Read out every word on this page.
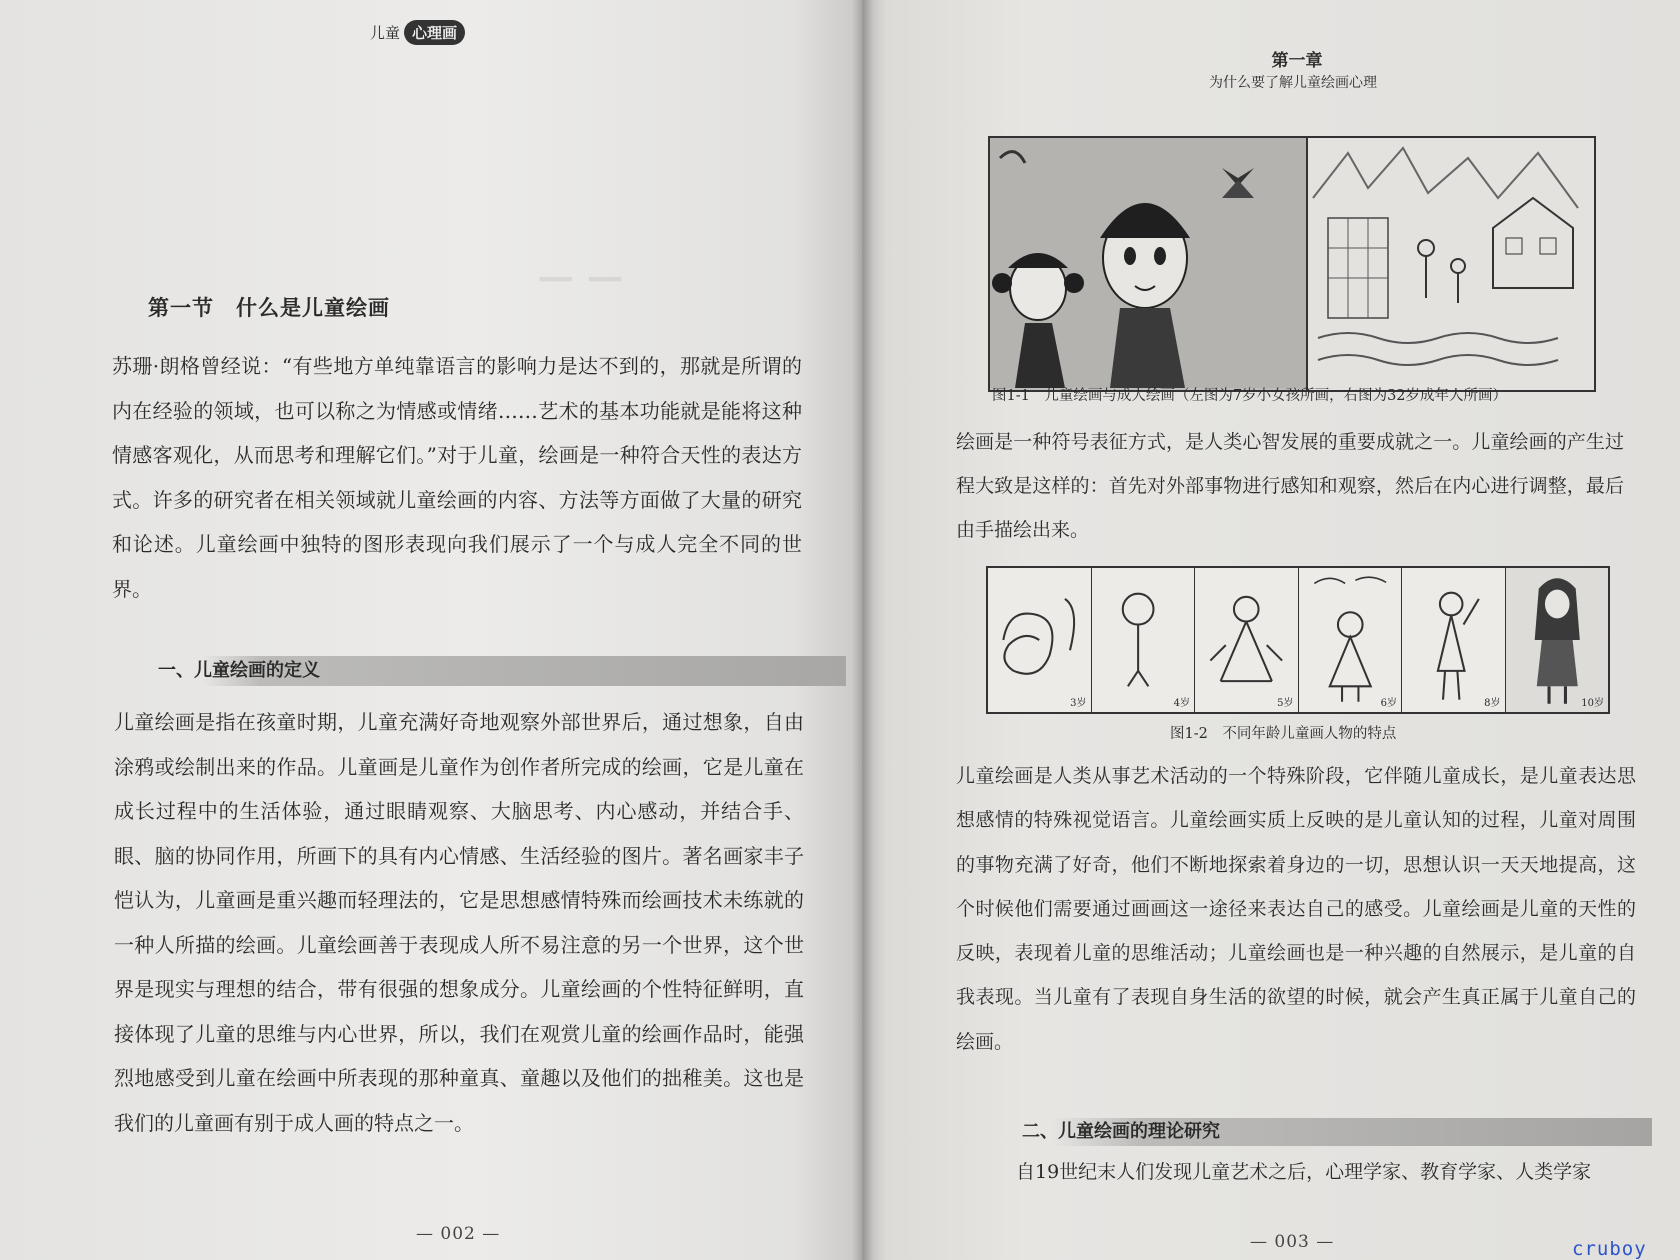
儿童 心理画
─ ─
第一节　什么是儿童绘画
苏珊·朗格曾经说：“有些地方单纯靠语言的影响力是达不到的，那就是所谓的内在经验的领域，也可以称之为情感或情绪……艺术的基本功能就是能将这种情感客观化，从而思考和理解它们。”对于儿童，绘画是一种符合天性的表达方式。许多的研究者在相关领域就儿童绘画的内容、方法等方面做了大量的研究和论述。儿童绘画中独特的图形表现向我们展示了一个与成人完全不同的世界。
一、儿童绘画的定义
儿童绘画是指在孩童时期，儿童充满好奇地观察外部世界后，通过想象，自由涂鸦或绘制出来的作品。儿童画是儿童作为创作者所完成的绘画，它是儿童在成长过程中的生活体验，通过眼睛观察、大脑思考、内心感动，并结合手、眼、脑的协同作用，所画下的具有内心情感、生活经验的图片。著名画家丰子恺认为，儿童画是重兴趣而轻理法的，它是思想感情特殊而绘画技术未练就的一种人所描的绘画。儿童绘画善于表现成人所不易注意的另一个世界，这个世界是现实与理想的结合，带有很强的想象成分。儿童绘画的个性特征鲜明，直接体现了儿童的思维与内心世界，所以，我们在观赏儿童的绘画作品时，能强烈地感受到儿童在绘画中所表现的那种童真、童趣以及他们的拙稚美。这也是我们的儿童画有别于成人画的特点之一。
— 002 —
第一章
为什么要了解儿童绘画心理
图1-1　儿童绘画与成人绘画（左图为7岁小女孩所画，右图为32岁成年人所画）
绘画是一种符号表征方式，是人类心智发展的重要成就之一。儿童绘画的产生过程大致是这样的：首先对外部事物进行感知和观察，然后在内心进行调整，最后由手描绘出来。
3岁	4岁	5岁	6岁	8岁	10岁
图1-2　不同年龄儿童画人物的特点
儿童绘画是人类从事艺术活动的一个特殊阶段，它伴随儿童成长，是儿童表达思想感情的特殊视觉语言。儿童绘画实质上反映的是儿童认知的过程，儿童对周围的事物充满了好奇，他们不断地探索着身边的一切，思想认识一天天地提高，这个时候他们需要通过画画这一途径来表达自己的感受。儿童绘画是儿童的天性的反映，表现着儿童的思维活动；儿童绘画也是一种兴趣的自然展示，是儿童的自我表现。当儿童有了表现自身生活的欲望的时候，就会产生真正属于儿童自己的绘画。
二、儿童绘画的理论研究
自19世纪末人们发现儿童艺术之后，心理学家、教育学家、人类学家
— 003 —	cruboy
